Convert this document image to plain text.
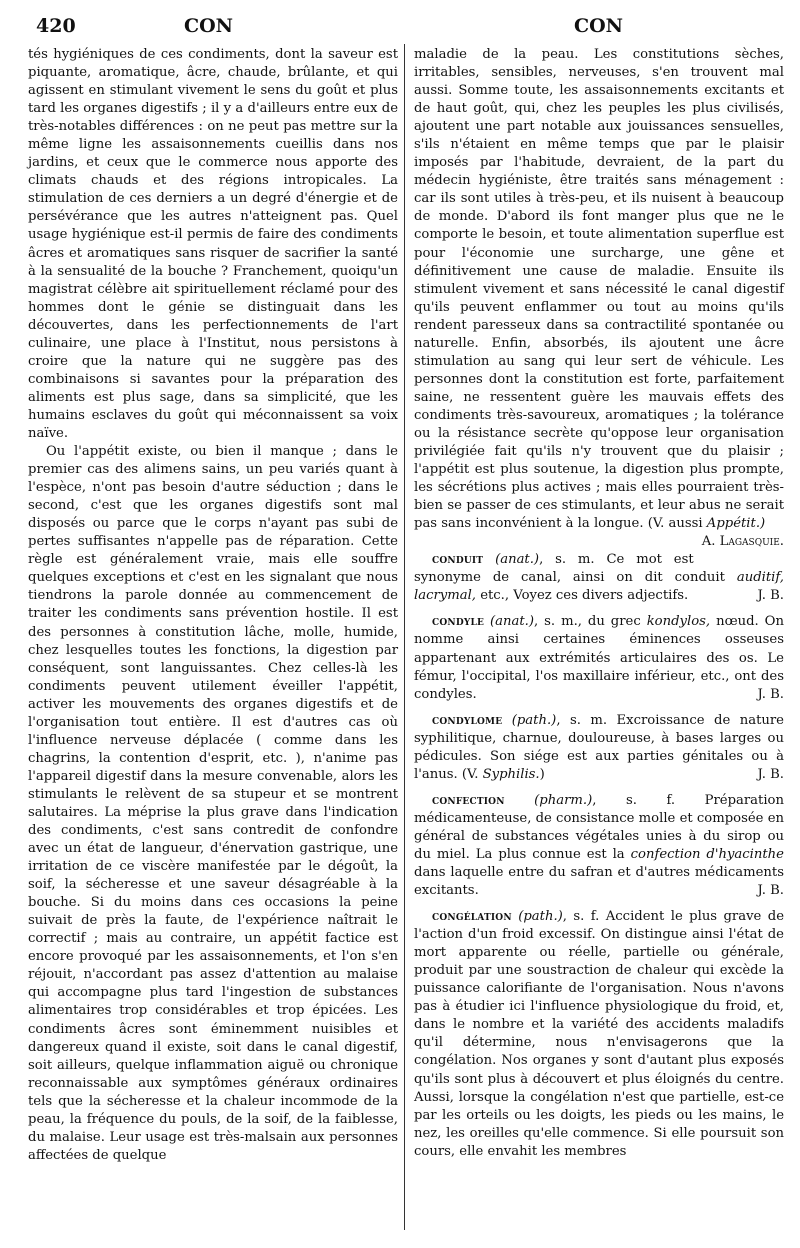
420	CON	CON

tés hygiéniques de ces condiments, dont la saveur est piquante, aromatique, âcre, chaude, brûlante, et qui agissent en stimulant vivement le sens du goût et plus tard les organes digestifs ; il y a d'ailleurs entre eux de très-notables différences : on ne peut pas mettre sur la même ligne les assaisonnements cueillis dans nos jardins, et ceux que le commerce nous apporte des climats chauds et des régions intropicales. La stimulation de ces derniers a un degré d'énergie et de persévérance que les autres n'atteignent pas. Quel usage hygiénique est-il permis de faire des condiments âcres et aromatiques sans risquer de sacrifier la santé à la sensualité de la bouche ? Franchement, quoiqu'un magistrat célèbre ait spirituellement réclamé pour des hommes dont le génie se distinguait dans les découvertes, dans les perfectionnements de l'art culinaire, une place à l'Institut, nous persistons à croire que la nature qui ne suggère pas des combinaisons si savantes pour la préparation des aliments est plus sage, dans sa simplicité, que les humains esclaves du goût qui méconnaissent sa voix naïve.

Ou l'appétit existe, ou bien il manque ; dans le premier cas des alimens sains, un peu variés quant à l'espèce, n'ont pas besoin d'autre séduction ; dans le second, c'est que les organes digestifs sont mal disposés ou parce que le corps n'ayant pas subi de pertes suffisantes n'appelle pas de réparation. Cette règle est généralement vraie, mais elle souffre quelques exceptions et c'est en les signalant que nous tiendrons la parole donnée au commencement de traiter les condiments sans prévention hostile. Il est des personnes à constitution lâche, molle, humide, chez lesquelles toutes les fonctions, la digestion par conséquent, sont languissantes. Chez celles-là les condiments peuvent utilement éveiller l'appétit, activer les mouvements des organes digestifs et de l'organisation tout entière. Il est d'autres cas où l'influence nerveuse déplacée ( comme dans les chagrins, la contention d'esprit, etc. ), n'anime pas l'appareil digestif dans la mesure convenable, alors les stimulants le relèvent de sa stupeur et se montrent salutaires. La méprise la plus grave dans l'indication des condiments, c'est sans contredit de confondre avec un état de langueur, d'énervation gastrique, une irritation de ce viscère manifestée par le dégoût, la soif, la sécheresse et une saveur désagréable à la bouche. Si du moins dans ces occasions la peine suivait de près la faute, de l'expérience naîtrait le correctif ; mais au contraire, un appétit factice est encore provoqué par les assaisonnements, et l'on s'en réjouit, n'accordant pas assez d'attention au malaise qui accompagne plus tard l'ingestion de substances alimentaires trop considérables et trop épicées. Les condiments âcres sont éminemment nuisibles et dangereux quand il existe, soit dans le canal digestif, soit ailleurs, quelque inflammation aiguë ou chronique reconnaissable aux symptômes généraux ordinaires tels que la sécheresse et la chaleur incommode de la peau, la fréquence du pouls, de la soif, de la faiblesse, du malaise. Leur usage est très-malsain aux personnes affectées de quelque

maladie de la peau. Les constitutions sèches, irritables, sensibles, nerveuses, s'en trouvent mal aussi. Somme toute, les assaisonnements excitants et de haut goût, qui, chez les peuples les plus civilisés, ajoutent une part notable aux jouissances sensuelles, s'ils n'étaient en même temps que par le plaisir imposés par l'habitude, devraient, de la part du médecin hygiéniste, être traités sans ménagement : car ils sont utiles à très-peu, et ils nuisent à beaucoup de monde. D'abord ils font manger plus que ne le comporte le besoin, et toute alimentation superflue est pour l'économie une surcharge, une gêne et définitivement une cause de maladie. Ensuite ils stimulent vivement et sans nécessité le canal digestif qu'ils peuvent enflammer ou tout au moins qu'ils rendent paresseux dans sa contractilité spontanée ou naturelle. Enfin, absorbés, ils ajoutent une âcre stimulation au sang qui leur sert de véhicule. Les personnes dont la constitution est forte, parfaitement saine, ne ressentent guère les mauvais effets des condiments très-savoureux, aromatiques ; la tolérance ou la résistance secrète qu'oppose leur organisation privilégiée fait qu'ils n'y trouvent que du plaisir ; l'appétit est plus soutenue, la digestion plus prompte, les sécrétions plus actives ; mais elles pourraient très-bien se passer de ces stimulants, et leur abus ne serait pas sans inconvénient à la longue. (V. aussi Appétit.)
A. Lagasquie.

conduit (anat.), s. m. Ce mot est synonyme de canal, ainsi on dit conduit auditif, lacrymal, etc., Voyez ces divers adjectifs.	J. B.

condyle (anat.), s. m., du grec kondylos, nœud. On nomme ainsi certaines éminences osseuses appartenant aux extrémités articulaires des os. Le fémur, l'occipital, l'os maxillaire inférieur, etc., ont des condyles.	J. B.

condylome (path.), s. m. Excroissance de nature syphilitique, charnue, douloureuse, à bases larges ou pédicules. Son siége est aux parties génitales ou à l'anus. (V. Syphilis.)	J. B.

confection (pharm.), s. f. Préparation médicamenteuse, de consistance molle et composée en général de substances végétales unies à du sirop ou du miel. La plus connue est la confection d'hyacinthe dans laquelle entre du safran et d'autres médicaments excitants.	J. B.

congélation (path.), s. f. Accident le plus grave de l'action d'un froid excessif. On distingue ainsi l'état de mort apparente ou réelle, partielle ou générale, produit par une soustraction de chaleur qui excède la puissance calorifiante de l'organisation. Nous n'avons pas à étudier ici l'influence physiologique du froid, et, dans le nombre et la variété des accidents maladifs qu'il détermine, nous n'envisagerons que la congélation. Nos organes y sont d'autant plus exposés qu'ils sont plus à découvert et plus éloignés du centre. Aussi, lorsque la congélation n'est que partielle, est-ce par les orteils ou les doigts, les pieds ou les mains, le nez, les oreilles qu'elle commence. Si elle poursuit son cours, elle envahit les membres
